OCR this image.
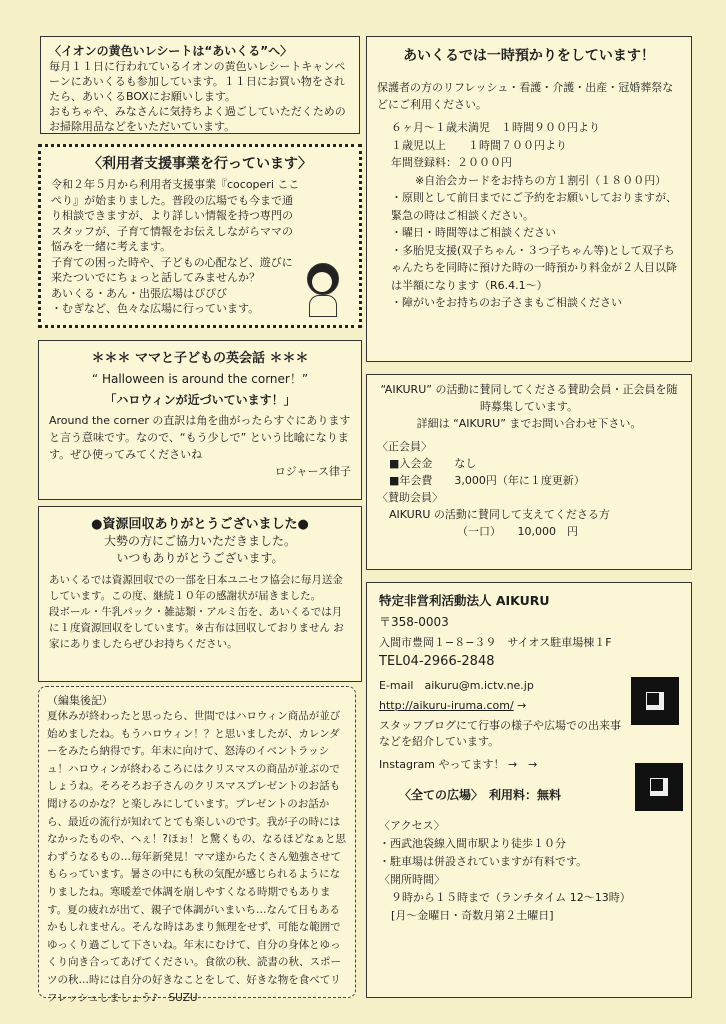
〈イオンの黄色いレシートは“あいくる”へ〉

毎月１１日に行われているイオンの黄色いレシートキャンペーンにあいくるも参加しています。１１日にお買い物をされたら、あいくるBOXにお願いします。
おもちゃや、みなさんに気持ちよく過ごしていただくためのお掃除用品などをいただいています。

〈利用者支援事業を行っています〉

令和２年５月から利用者支援事業『cocoperi ここぺり』が始まりました。普段の広場でも今まで通り相談できますが、より詳しい情報を持つ専門のスタッフが、子育て情報をお伝えしながらママの悩みを一緒に考えます。
子育ての困った時や、子どもの心配など、遊びに来たついでにちょっと話してみませんか？
あいくる・あん・出張広場はぴぴび
・むぎなど、色々な広場に行っています。

＊＊＊ ママと子どもの英会話 ＊＊＊

“ Halloween is around the corner！”

「ハロウィンが近づいています！」

Around the corner の直訳は角を曲がったらすぐにありますと言う意味です。なので、“もう少しで” という比喩になります。ぜひ使ってみてくださいね

ロジャース律子

●資源回収ありがとうございました●

大勢の方にご協力いただきました。

いつもありがとうございます。

あいくるでは資源回収での一部を日本ユニセフ協会に毎月送金しています。この度、継続１０年の感謝状が届きました。
段ボール・牛乳パック・雑誌類・アルミ缶を、あいくるでは月に１度資源回収をしています。※古布は回収しておりません お家にありましたらぜひお持ちください。

（編集後記）

夏休みが終わったと思ったら、世間ではハロウィン商品が並び始めましたね。もうハロウィン！？と思いましたが、カレンダーをみたら納得です。年末に向けて、怒涛のイベントラッシュ！ハロウィンが終わるころにはクリスマスの商品が並ぶのでしょうね。そろそろお子さんのクリスマスプレゼントのお話も聞けるのかな？と楽しみにしています。プレゼントのお話から、最近の流行が知れてとても楽しいのです。我が子の時にはなかったものや、へぇ！?ほぉ！と驚くもの、なるほどなぁと思わずうなるもの…毎年新発見！ママ達からたくさん勉強させてもらっています。暑さの中にも秋の気配が感じられるようになりましたね。寒暖差で体調を崩しやすくなる時期でもあります。夏の疲れが出て、親子で体調がいまいち…なんて日もあるかもしれません。そんな時はあまり無理をせず、可能な範囲でゆっくり過ごして下さいね。年末にむけて、自分の身体とゆっくり向き合ってあげてください。食欲の秋、読書の秋、スポーツの秋…時には自分の好きなことをして、好きな物を食べてリフレッシュしましょう♪　SUZU

あいくるでは一時預かりをしています！

保護者の方のリフレッシュ・看護・介護・出産・冠婚葬祭などにご利用ください。

６ヶ月〜１歳未満児　１時間９００円より

１歳児以上　　１時間７００円より

年間登録料：２０００円

※自治会カードをお持ちの方１割引（１８００円）

・原則として前日までにご予約をお願いしておりますが、緊急の時はご相談ください。

・曜日・時間等はご相談ください

・多胎児支援(双子ちゃん・３つ子ちゃん等)として双子ちゃんたちを同時に預けた時の一時預かり料金が２人目以降は半額になります（R6.4.1〜）

・障がいをお持ちのお子さまもご相談ください

“AIKURU” の活動に賛同してくださる賛助会員・正会員を随時募集しています。
詳細は “AIKURU” までお問い合わせ下さい。

〈正会員〉

■入会金　　なし

■年会費　　3,000円（年に１度更新）

〈賛助会員〉

AIKURU の活動に賛同して支えてくださる方

（一口）　　10,000　円

特定非営利活動法人 AIKURU

〒358-0003

入間市豊岡１−８−３９　サイオス駐車場棟１F

TEL04-2966-2848

E-mail　aikuru@m.ictv.ne.jp

http://aikuru-iruma.com/ →

スタッフブログにて行事の様子や広場での出来事などを紹介しています。

Instagram やってます！ →　→

〈全ての広場〉　利用料：無料

〈アクセス〉

・西武池袋線入間市駅より徒歩１０分

・駐車場は併設されていますが有料です。

〈開所時間〉

９時から１５時まで（ランチタイム 12〜13時）

[月〜金曜日・奇数月第２土曜日]
